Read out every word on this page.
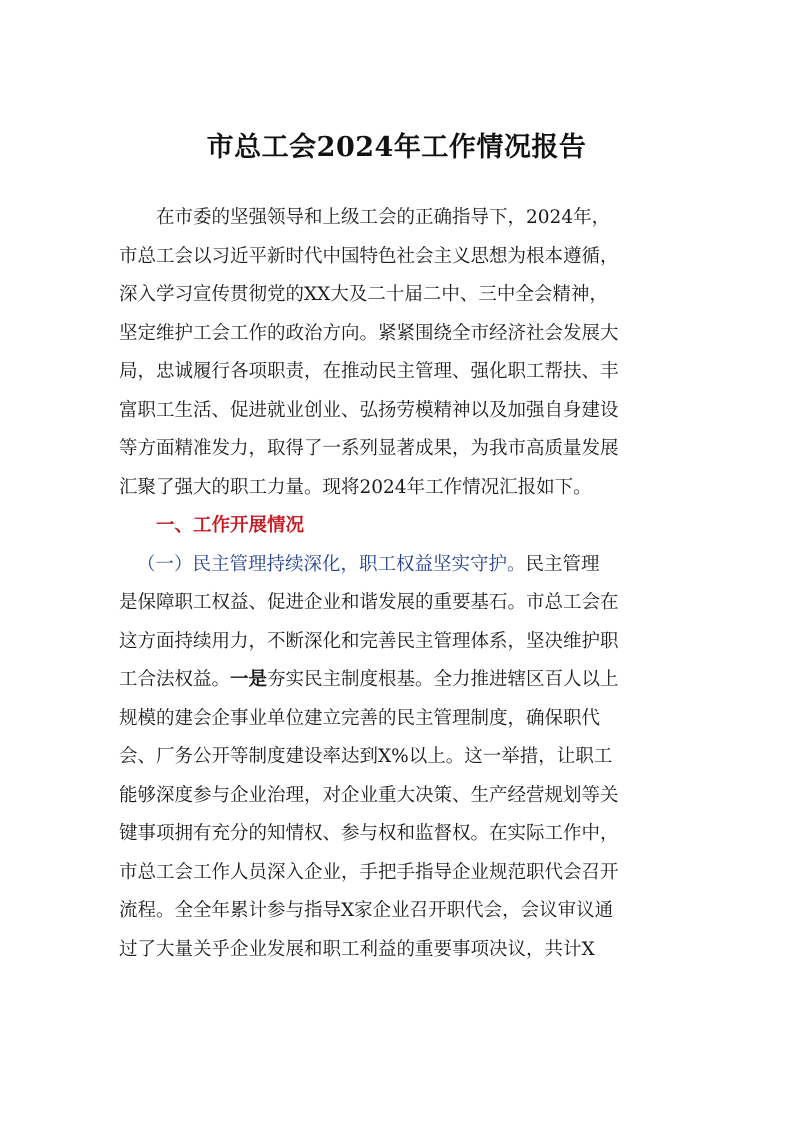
市总工会2024年工作情况报告
在市委的坚强领导和上级工会的正确指导下，2024年，
市总工会以习近平新时代中国特色社会主义思想为根本遵循，
深入学习宣传贯彻党的XX大及二十届二中、三中全会精神，
坚定维护工会工作的政治方向。紧紧围绕全市经济社会发展大
局，忠诚履行各项职责，在推动民主管理、强化职工帮扶、丰
富职工生活、促进就业创业、弘扬劳模精神以及加强自身建设
等方面精准发力，取得了一系列显著成果，为我市高质量发展
汇聚了强大的职工力量。现将2024年工作情况汇报如下。
一、工作开展情况
（一）民主管理持续深化，职工权益坚实守护。民主管理
是保障职工权益、促进企业和谐发展的重要基石。市总工会在
这方面持续用力，不断深化和完善民主管理体系，坚决维护职
工合法权益。一是夯实民主制度根基。全力推进辖区百人以上
规模的建会企事业单位建立完善的民主管理制度，确保职代
会、厂务公开等制度建设率达到X%以上。这一举措，让职工
能够深度参与企业治理，对企业重大决策、生产经营规划等关
键事项拥有充分的知情权、参与权和监督权。在实际工作中，
市总工会工作人员深入企业，手把手指导企业规范职代会召开
流程。全全年累计参与指导X家企业召开职代会，会议审议通
过了大量关乎企业发展和职工利益的重要事项决议，共计X
